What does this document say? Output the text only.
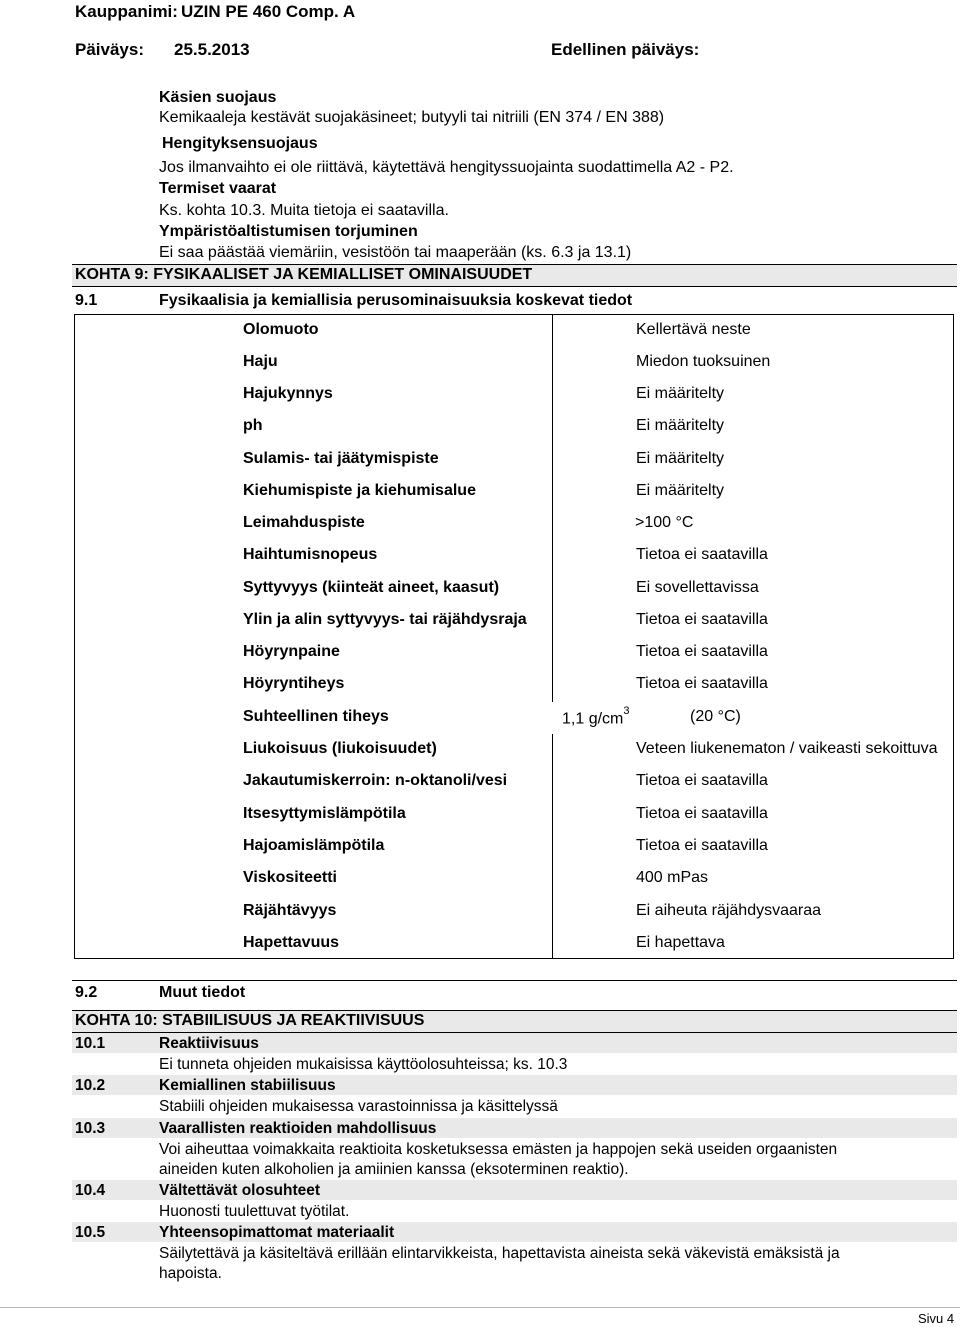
Kauppanimi: UZIN PE 460 Comp. A
Päiväys: 25.5.2013	Edellinen päiväys:
Käsien suojaus
Kemikaaleja kestävät suojakäsineet; butyyli tai nitriili (EN 374 / EN 388)
Hengityksensuojaus
Jos ilmanvaihto ei ole riittävä, käytettävä hengityssuojainta suodattimella A2 - P2.
Termiset vaarat
Ks. kohta 10.3. Muita tietoja ei saatavilla.
Ympäristöaltistumisen torjuminen
Ei saa päästää viemäriin, vesistöön tai maaperään (ks. 6.3 ja 13.1)
KOHTA 9: FYSIKAALISET JA KEMIALLISET OMINAISUUDET
9.1	Fysikaalisia ja kemiallisia perusominaisuuksia koskevat tiedot
Olomuoto	Kellertävä neste
Haju	Miedon tuoksuinen
Hajukynnys	Ei määritelty
ph	Ei määritelty
Sulamis- tai jäätymispiste	Ei määritelty
Kiehumispiste ja kiehumisalue	Ei määritelty
Leimahduspiste	>100 °C
Haihtumisnopeus	Tietoa ei saatavilla
Syttyvyys (kiinteät aineet, kaasut)	Ei sovellettavissa
Ylin ja alin syttyvyys- tai räjähdysraja	Tietoa ei saatavilla
Höyrynpaine	Tietoa ei saatavilla
Höyryntiheys	Tietoa ei saatavilla
Suhteellinen tiheys	1,1 $g/cm^3$	(20 °C)
Liukoisuus (liukoisuudet)	Veteen liukenematon / vaikeasti sekoittuva
Jakautumiskerroin: n-oktanoli/vesi	Tietoa ei saatavilla
Itsesyttymislämpötila	Tietoa ei saatavilla
Hajoamislämpötila	Tietoa ei saatavilla
Viskositeetti	400 mPas
Räjähtävyys	Ei aiheuta räjähdysvaaraa
Hapettavuus	Ei hapettava
9.2	Muut tiedot
KOHTA 10: STABIILISUUS JA REAKTIIVISUUS
10.1	Reaktiivisuus
Ei tunneta ohjeiden mukaisissa käyttöolosuhteissa; ks. 10.3
10.2	Kemiallinen stabiilisuus
Stabiili ohjeiden mukaisessa varastoinnissa ja käsittelyssä
10.3	Vaarallisten reaktioiden mahdollisuus
Voi aiheuttaa voimakkaita reaktioita kosketuksessa emästen ja happojen sekä useiden orgaanisten
aineiden kuten alkoholien ja amiinien kanssa (eksoterminen reaktio).
10.4	Vältettävät olosuhteet
Huonosti tuulettuvat työtilat.
10.5	Yhteensopimattomat materiaalit
Säilytettävä ja käsiteltävä erillään elintarvikkeista, hapettavista aineista sekä väkevistä emäksistä ja
hapoista.
Sivu 4
